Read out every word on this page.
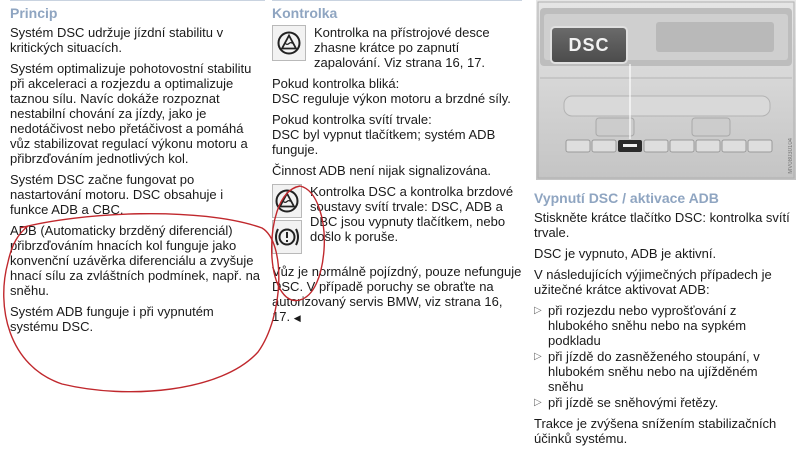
Princip

Systém DSC udržuje jízdní stabilitu v kritických situacích.

Systém optimalizuje pohotovostní stabilitu při akceleraci a rozjezdu a optimalizuje taznou sílu. Navíc dokáže rozpoznat nestabilní chování za jízdy, jako je nedotáčivost nebo přetáčivost a pomáhá vůz stabilizovat regulací výkonu motoru a přibrzďováním jednotlivých kol.

Systém DSC začne fungovat po nastartování motoru. DSC obsahuje i funkce ADB a CBC.

ADB (Automaticky brzděný diferenciál) přibrzďováním hnacích kol funguje jako konvenční uzávěrka diferenciálu a zvyšuje hnací sílu za zvláštních podmínek, např. na sněhu.

Systém ADB funguje i při vypnutém systému DSC.

Kontrolka

Kontrolka na přístrojové desce zhasne krátce po zapnutí zapalování. Viz strana 16, 17.

Pokud kontrolka bliká:
DSC reguluje výkon motoru a brzdné síly.

Pokud kontrolka svítí trvale:
DSC byl vypnut tlačítkem; systém ADB funguje.

Činnost ADB není nijak signalizována.

Kontrolka DSC a kontrolka brzdové soustavy svítí trvale: DSC, ADB a DBC jsou vypnuty tlačítkem, nebo došlo k poruše.

Vůz je normálně pojízdný, pouze nefunguje DSC. V případě poruchy se obraťte na autorizovaný servis BMW, viz strana 16, 17. ◀

DSC
MV08030104
Vypnutí DSC / aktivace ADB

Stiskněte krátce tlačítko DSC: kontrolka svítí trvale.

DSC je vypnuto, ADB je aktivní.

V následujících výjimečných případech je užitečné krátce aktivovat ADB:

▷ při rozjezdu nebo vyprošťování z hlubokého sněhu nebo na sypkém podkladu
▷ při jízdě do zasněženého stoupání, v hlubokém sněhu nebo na ujížděném sněhu
▷ při jízdě se sněhovými řetězy.

Trakce je zvýšena snížením stabilizačních účinků systému.
